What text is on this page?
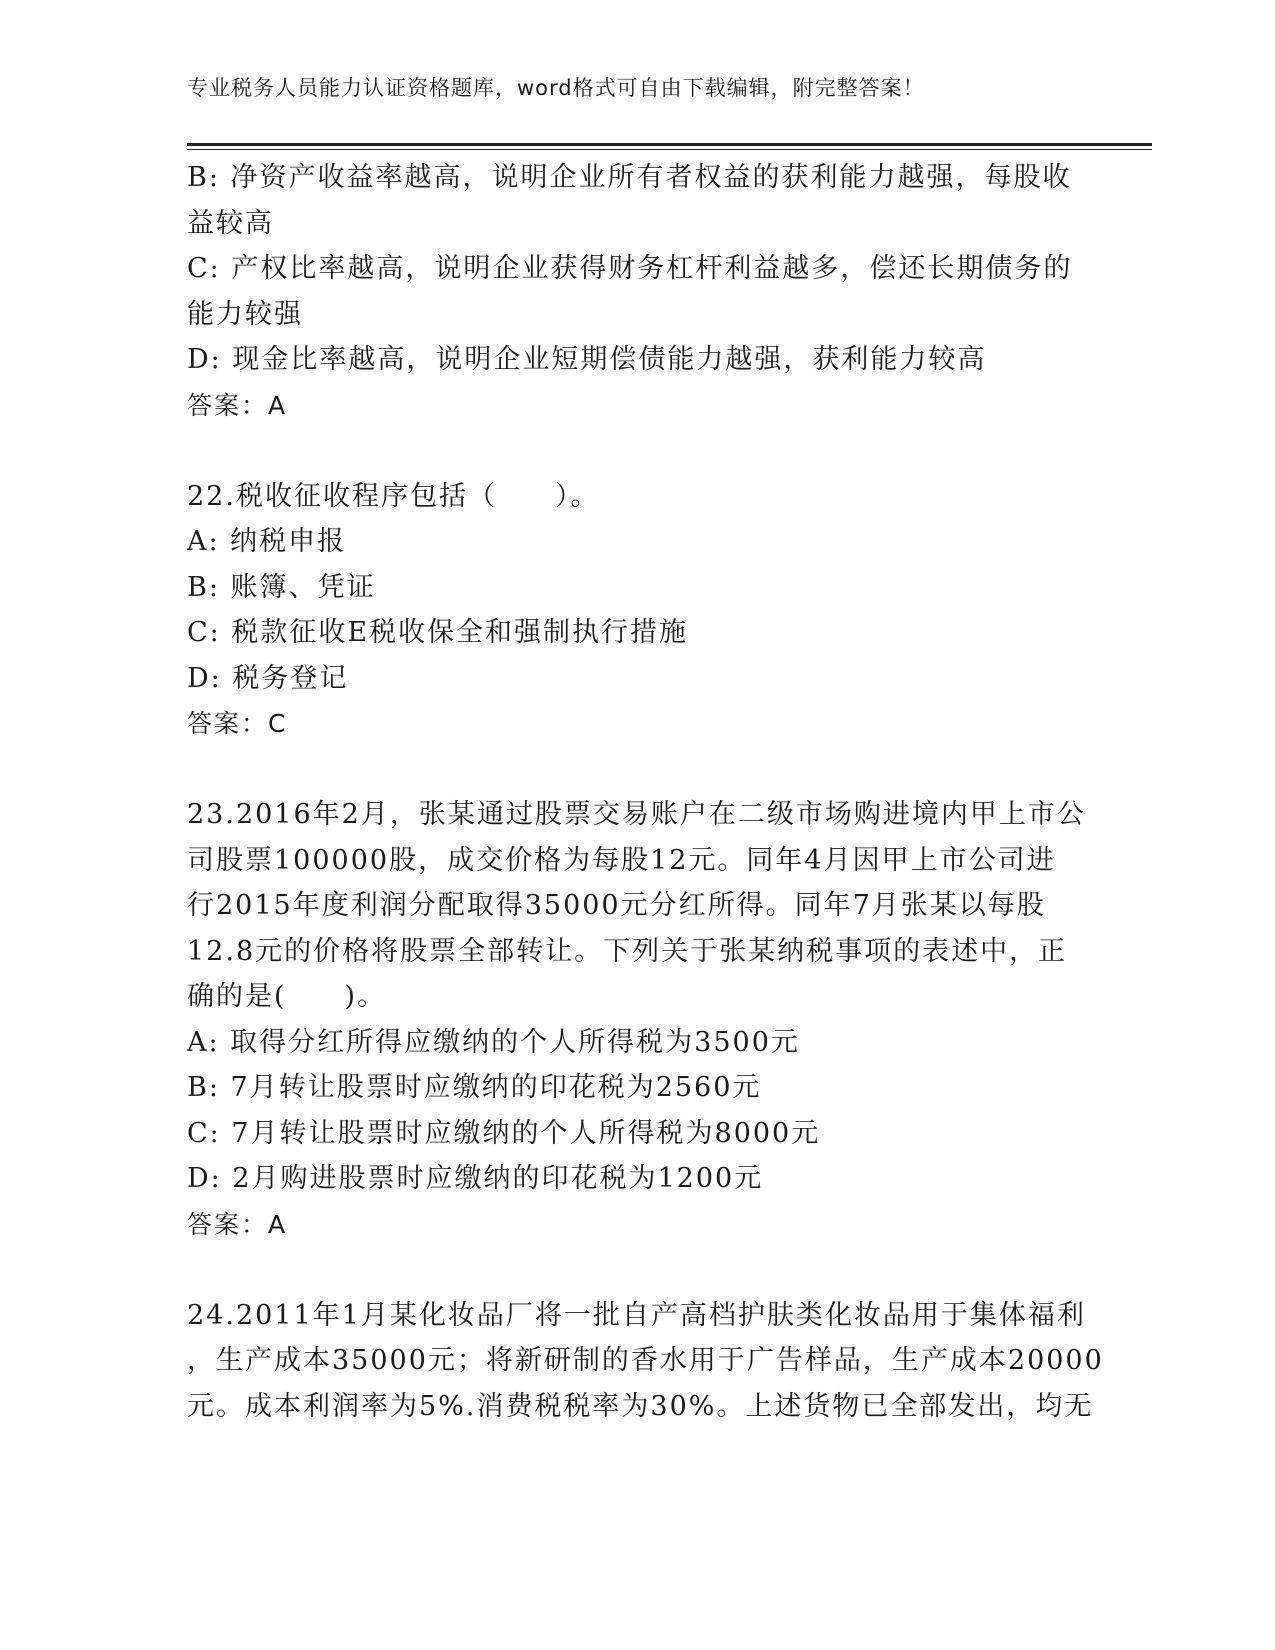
专业税务人员能力认证资格题库，word格式可自由下载编辑，附完整答案！
B: 净资产收益率越高，说明企业所有者权益的获利能力越强，每股收
益较高
C: 产权比率越高，说明企业获得财务杠杆利益越多，偿还长期债务的
能力较强
D: 现金比率越高，说明企业短期偿债能力越强，获利能力较高
答案：A
22.税收征收程序包括（　　）。
A: 纳税申报
B: 账簿、凭证
C: 税款征收E税收保全和强制执行措施
D: 税务登记
答案：C
23.2016年2月，张某通过股票交易账户在二级市场购进境内甲上市公
司股票100000股，成交价格为每股12元。同年4月因甲上市公司进
行2015年度利润分配取得35000元分红所得。同年7月张某以每股
12.8元的价格将股票全部转让。下列关于张某纳税事项的表述中，正
确的是(　　)。
A: 取得分红所得应缴纳的个人所得税为3500元
B: 7月转让股票时应缴纳的印花税为2560元
C: 7月转让股票时应缴纳的个人所得税为8000元
D: 2月购进股票时应缴纳的印花税为1200元
答案：A
24.2011年1月某化妆品厂将一批自产高档护肤类化妆品用于集体福利
，生产成本35000元；将新研制的香水用于广告样品，生产成本20000
元。成本利润率为5%.消费税税率为30%。上述货物已全部发出，均无
